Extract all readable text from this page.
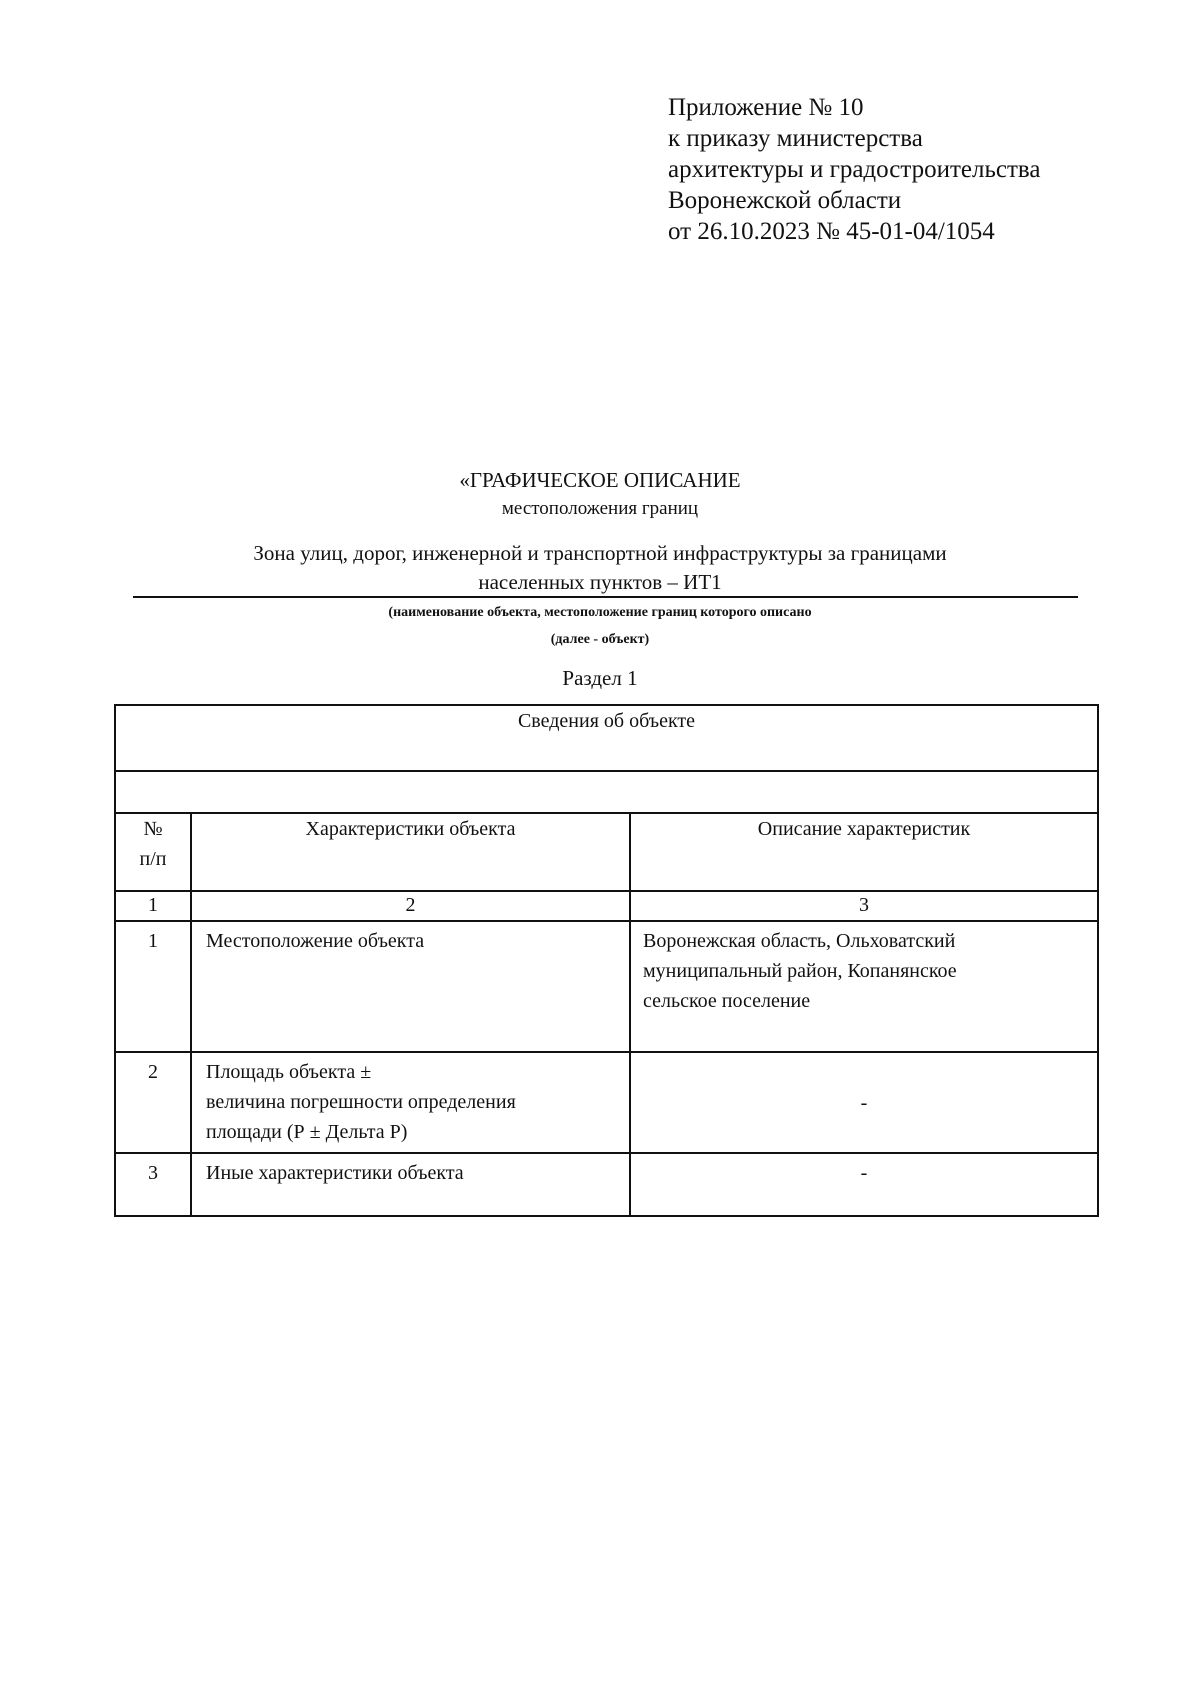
Приложение № 10
к приказу министерства
архитектуры и градостроительства
Воронежской области
от 26.10.2023 № 45-01-04/1054
«ГРАФИЧЕСКОЕ ОПИСАНИЕ
местоположения границ
Зона улиц, дорог, инженерной и транспортной инфраструктуры за границами
населенных пунктов – ИТ1
(наименование объекта, местоположение границ которого описано
(далее - объект)
Раздел 1
Сведения об объекте		

№
п/п	Характеристики объекта	Описание характеристик
1	2	3
1	Местоположение объекта	Воронежская область, Ольховатский
муниципальный район, Копанянское
сельское поселение

2	Площадь объекта ±
величина погрешности определения
площади (Р ± Дельта Р)	-

3	Иные характеристики объекта	-
